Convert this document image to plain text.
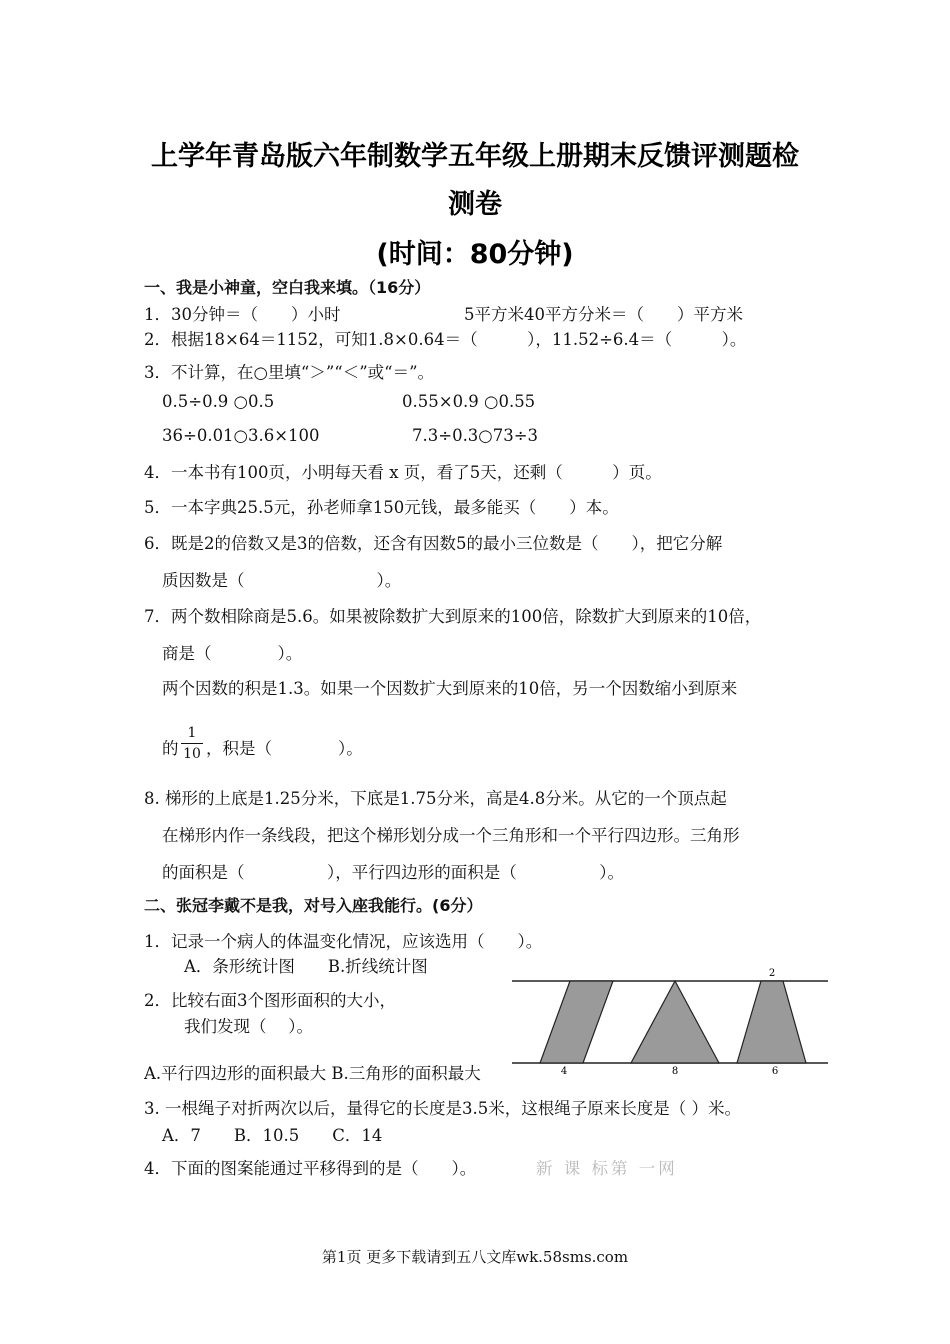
上学年青岛版六年制数学五年级上册期末反馈评测题检
测卷
(时间：80分钟)
一、我是小神童，空白我来填。（16分）
1．30分钟＝（　　）小时	5平方米40平方分米＝（　　）平方米
2．根据18×64＝1152，可知1.8×0.64＝（　　　），11.52÷6.4＝（　　　）。
3．不计算，在○里填“＞”“＜”或“＝”。
0.5÷0.9 ○0.5	0.55×0.9 ○0.55
36÷0.01○3.6×100	7.3÷0.3○73÷3
4．一本书有100页，小明每天看 x 页，看了5天，还剩（　　　）页。
5．一本字典25.5元，孙老师拿150元钱，最多能买（　　）本。
6．既是2的倍数又是3的倍数，还含有因数5的最小三位数是（　　），把它分解
质因数是（　　　　　　　　）。
7．两个数相除商是5.6。如果被除数扩大到原来的100倍，除数扩大到原来的10倍，
商是（　　　　）。
两个因数的积是1.3。如果一个因数扩大到原来的10倍，另一个因数缩小到原来
的
1
10 ，积是（　　　　）。
8. 梯形的上底是1.25分米，下底是1.75分米，高是4.8分米。从它的一个顶点起
在梯形内作一条线段，把这个梯形划分成一个三角形和一个平行四边形。三角形
的面积是（　　　　　），平行四边形的面积是（　　　　　）。
二、张冠李戴不是我，对号入座我能行。(6分）
1．记录一个病人的体温变化情况，应该选用（　　）。
A．条形统计图　　B.折线统计图
2．比较右面3个图形面积的大小，
我们发现（　 ）。
A.平行四边形的面积最大 B.三角形的面积最大
2
4	8	6
3. 一根绳子对折两次以后，量得它的长度是3.5米，这根绳子原来长度是（ ）米。
A．7　　B．10.5　　C．14
4．下面的图案能通过平移得到的是（　　）。	新 课 标第 一网
第1页 更多下载请到五八文库wk.58sms.com
